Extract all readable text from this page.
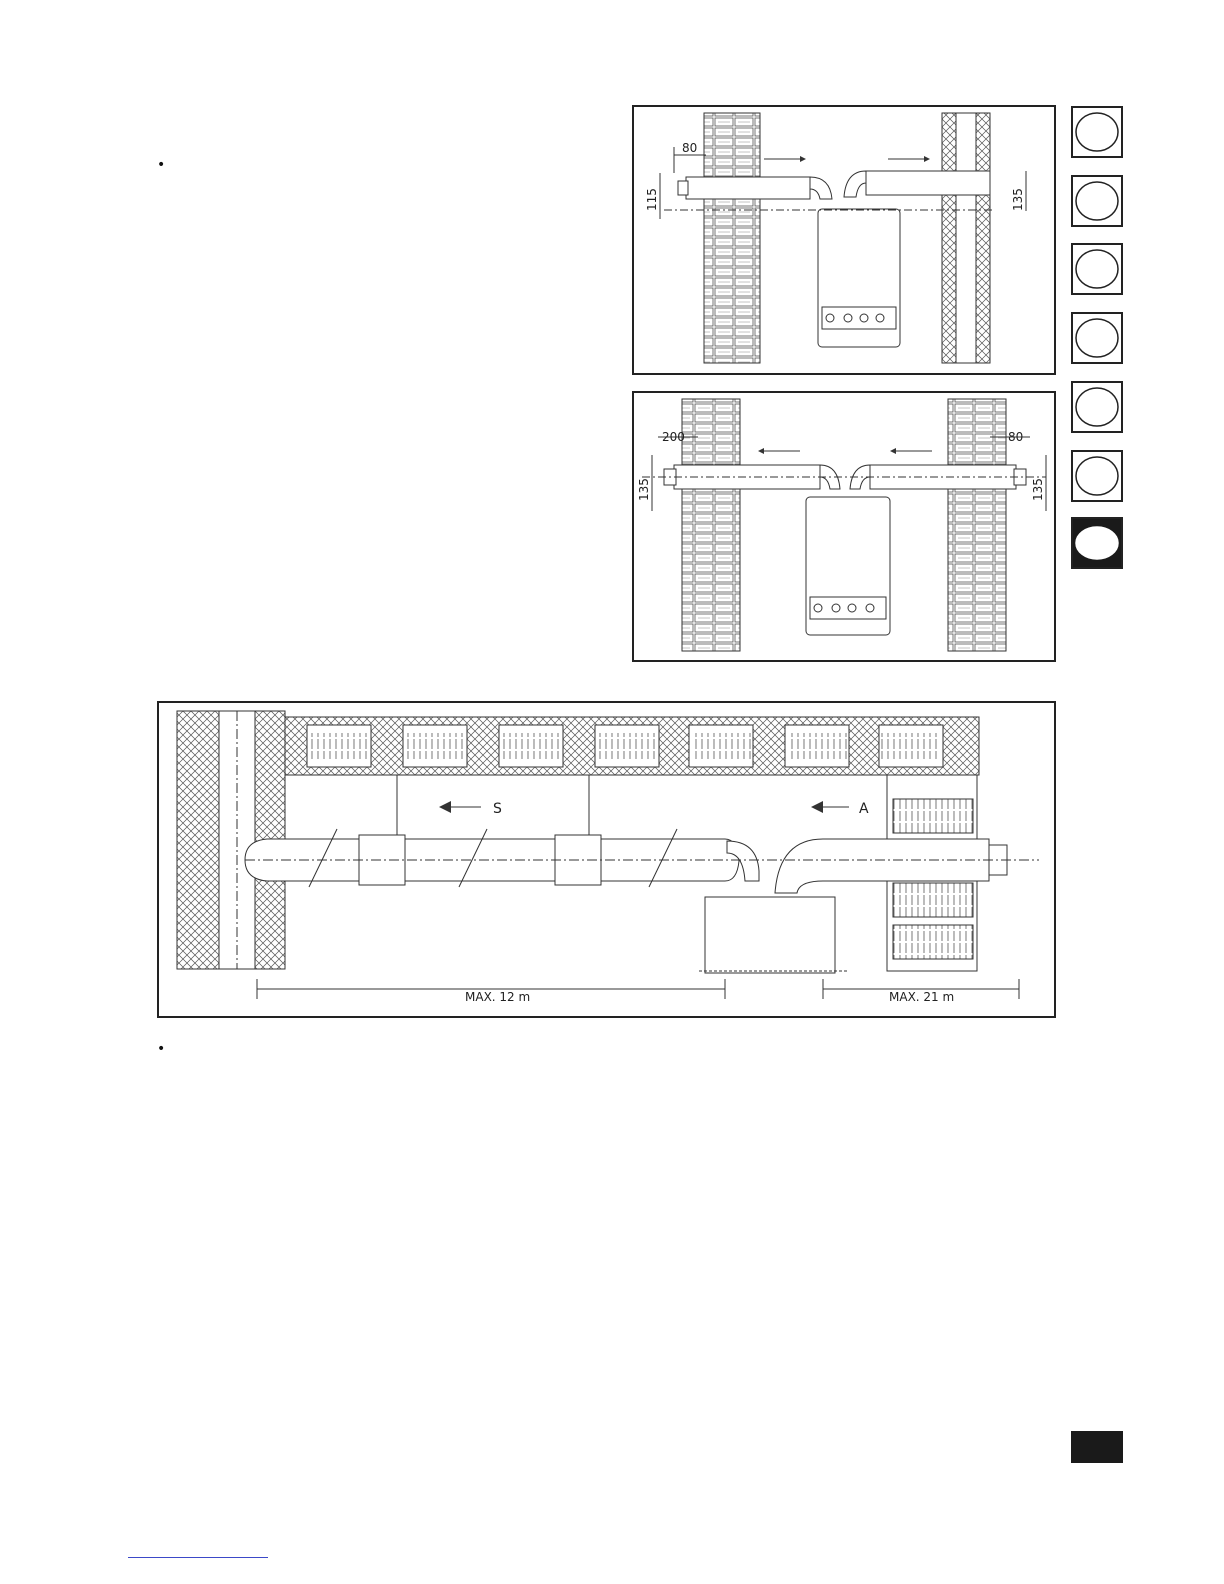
•
•
80
115	135
200	80
135	135
S	A
MAX. 12 m	MAX. 21 m
